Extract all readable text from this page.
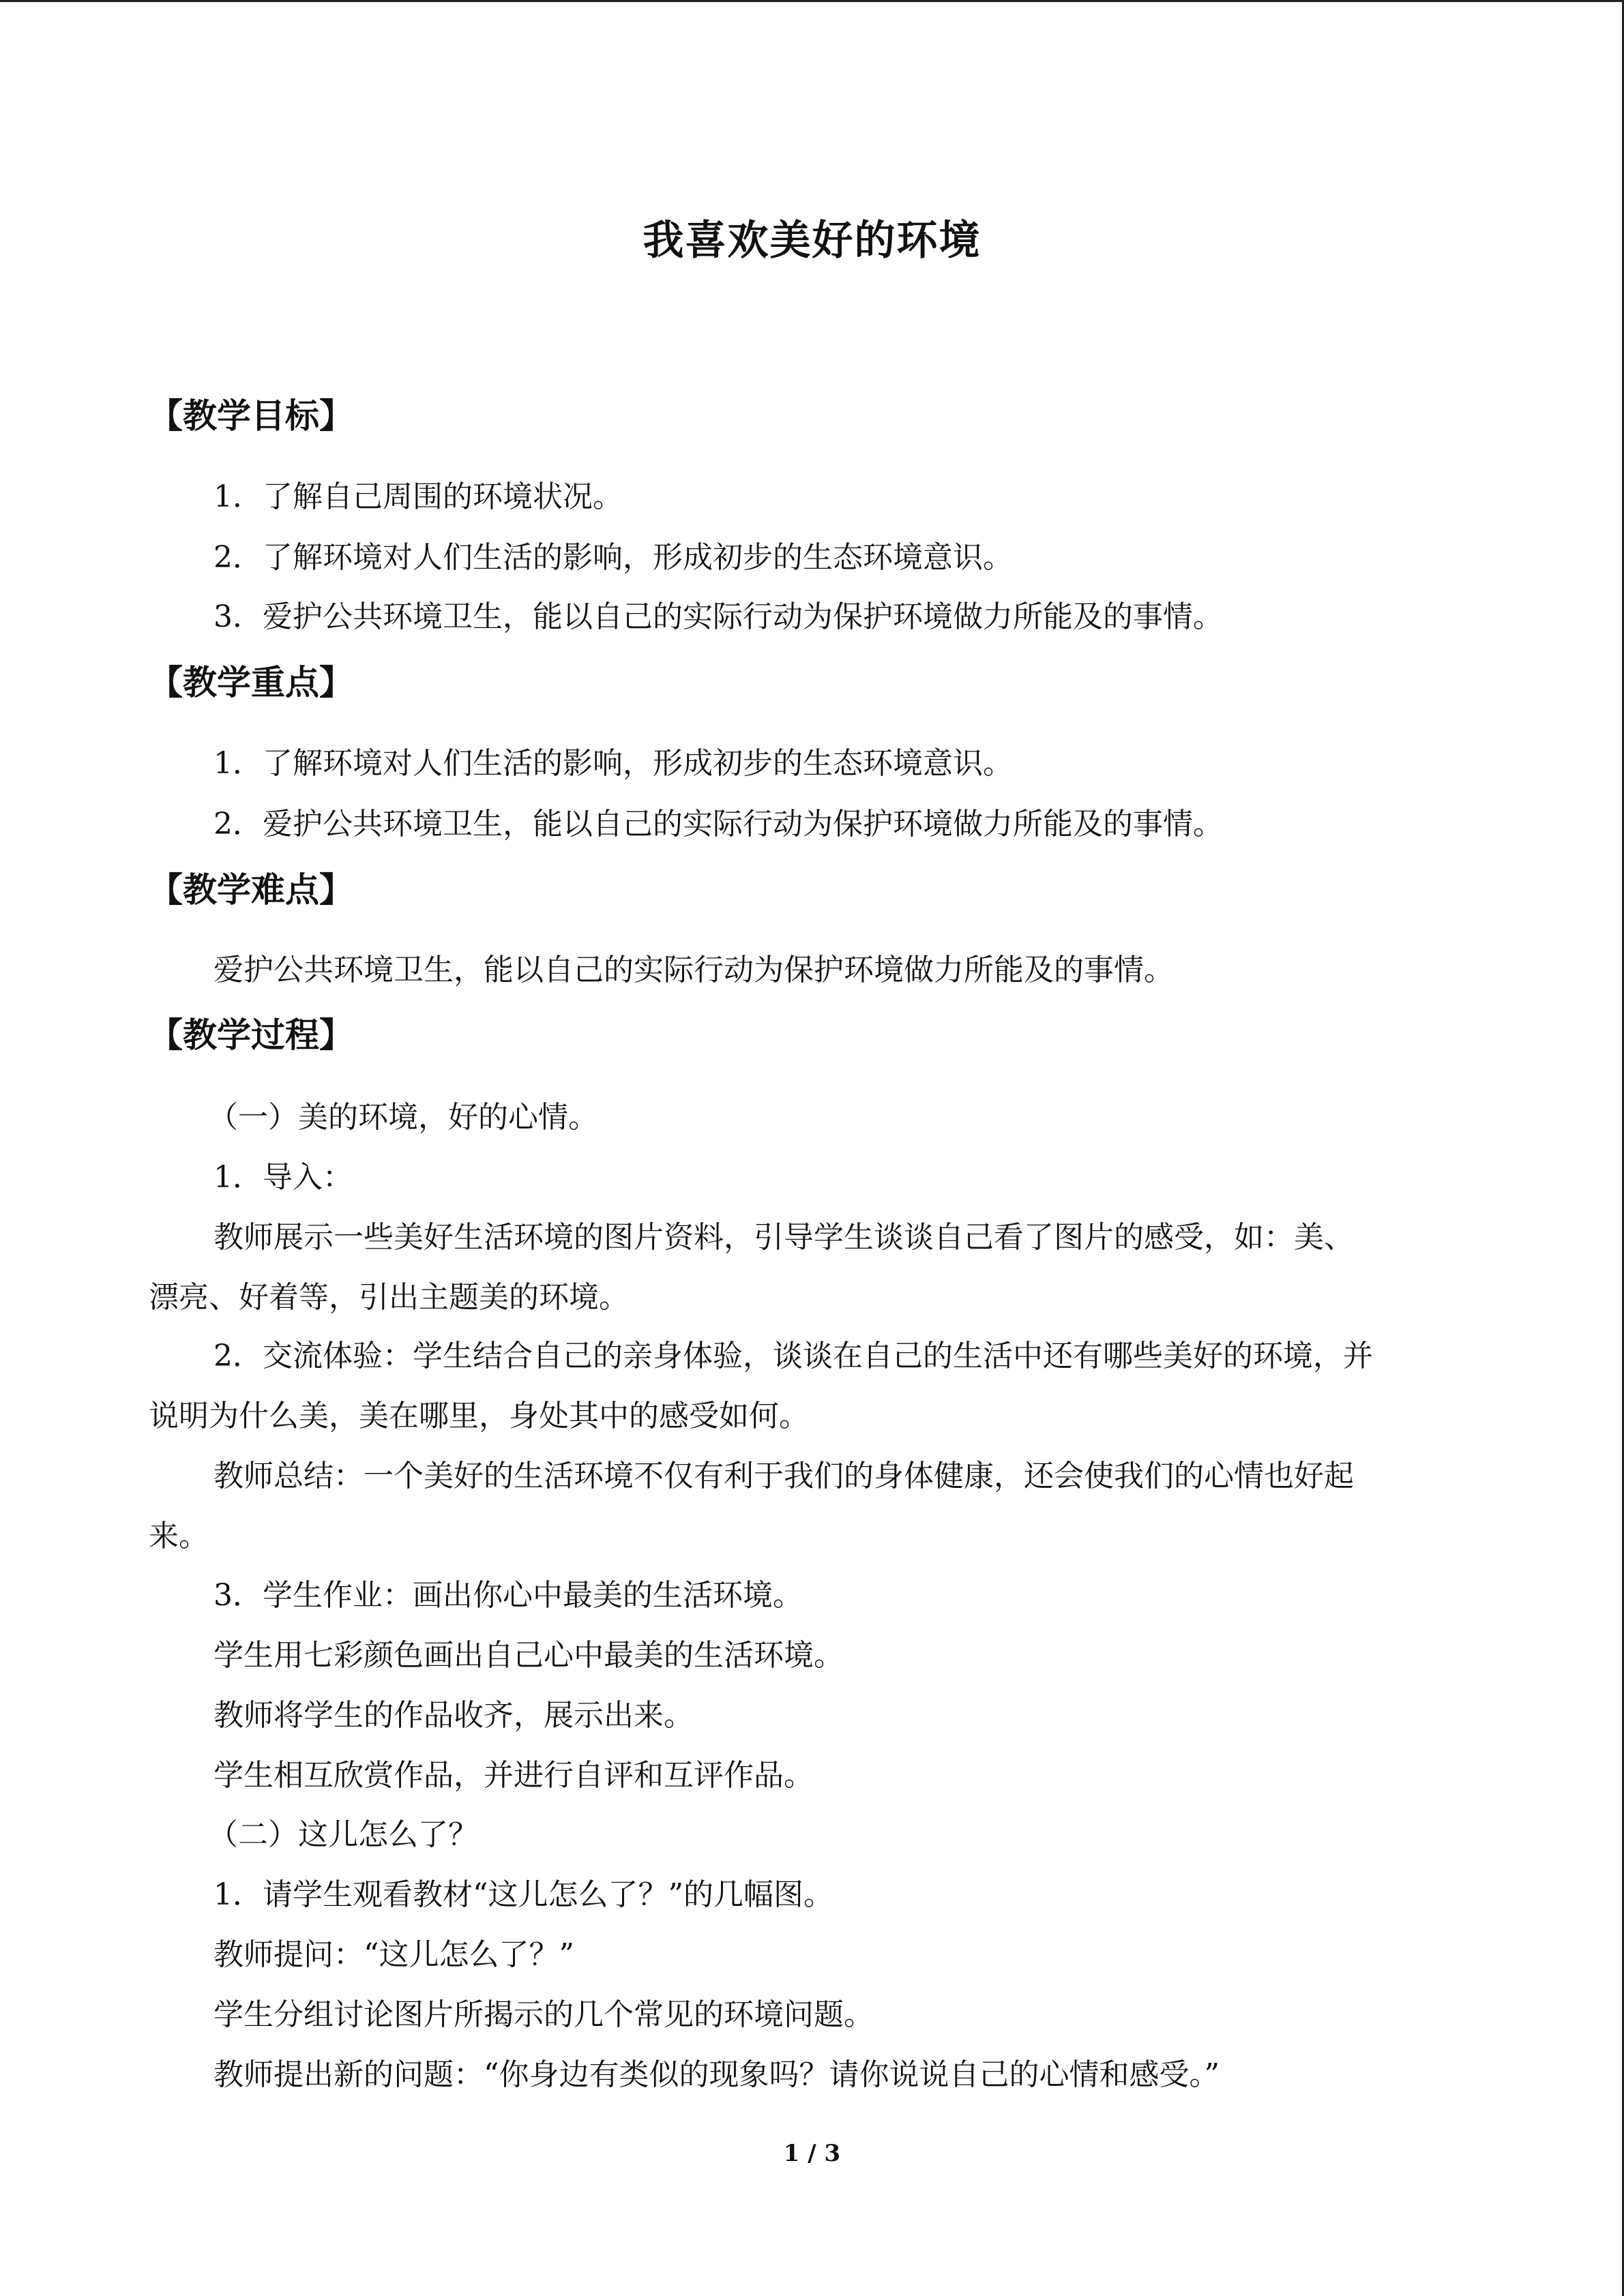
我喜欢美好的环境
【教学目标】
1．了解自己周围的环境状况。
2．了解环境对人们生活的影响，形成初步的生态环境意识。
3．爱护公共环境卫生，能以自己的实际行动为保护环境做力所能及的事情。
【教学重点】
1．了解环境对人们生活的影响，形成初步的生态环境意识。
2．爱护公共环境卫生，能以自己的实际行动为保护环境做力所能及的事情。
【教学难点】
爱护公共环境卫生，能以自己的实际行动为保护环境做力所能及的事情。
【教学过程】
（一）美的环境，好的心情。
1．导入：
教师展示一些美好生活环境的图片资料，引导学生谈谈自己看了图片的感受，如：美、
漂亮、好着等，引出主题美的环境。
2．交流体验：学生结合自己的亲身体验，谈谈在自己的生活中还有哪些美好的环境，并
说明为什么美，美在哪里，身处其中的感受如何。
教师总结：一个美好的生活环境不仅有利于我们的身体健康，还会使我们的心情也好起
来。
3．学生作业：画出你心中最美的生活环境。
学生用七彩颜色画出自己心中最美的生活环境。
教师将学生的作品收齐，展示出来。
学生相互欣赏作品，并进行自评和互评作品。
（二）这儿怎么了？
1．请学生观看教材“这儿怎么了？”的几幅图。
教师提问：“这儿怎么了？”
学生分组讨论图片所揭示的几个常见的环境问题。
教师提出新的问题：“你身边有类似的现象吗？请你说说自己的心情和感受。”
1 / 3
